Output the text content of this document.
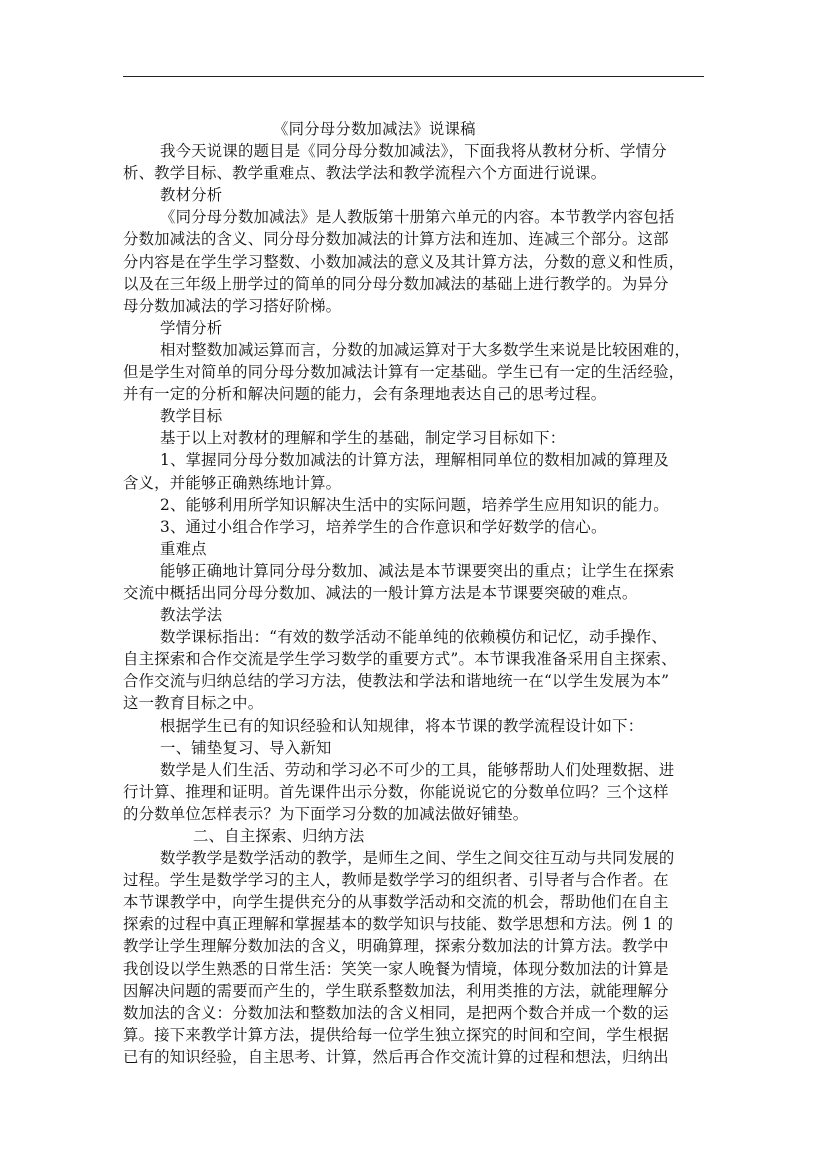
《同分母分数加减法》说课稿
我今天说课的题目是《同分母分数加减法》，下面我将从教材分析、学情分
析、教学目标、教学重难点、教法学法和教学流程六个方面进行说课。
教材分析
《同分母分数加减法》是人教版第十册第六单元的内容。本节教学内容包括
分数加减法的含义、同分母分数加减法的计算方法和连加、连减三个部分。这部
分内容是在学生学习整数、小数加减法的意义及其计算方法，分数的意义和性质，
以及在三年级上册学过的简单的同分母分数加减法的基础上进行教学的。为异分
母分数加减法的学习搭好阶梯。
学情分析
相对整数加减运算而言，分数的加减运算对于大多数学生来说是比较困难的，
但是学生对简单的同分母分数加减法计算有一定基础。学生已有一定的生活经验，
并有一定的分析和解决问题的能力，会有条理地表达自己的思考过程。
教学目标
基于以上对教材的理解和学生的基础，制定学习目标如下：
1、掌握同分母分数加减法的计算方法，理解相同单位的数相加减的算理及
含义，并能够正确熟练地计算。
2、能够利用所学知识解决生活中的实际问题，培养学生应用知识的能力。
3、通过小组合作学习，培养学生的合作意识和学好数学的信心。
重难点
能够正确地计算同分母分数加、减法是本节课要突出的重点；让学生在探索
交流中概括出同分母分数加、减法的一般计算方法是本节课要突破的难点。
教法学法
数学课标指出：“有效的数学活动不能单纯的依赖模仿和记忆，动手操作、
自主探索和合作交流是学生学习数学的重要方式”。本节课我准备采用自主探索、
合作交流与归纳总结的学习方法，使教法和学法和谐地统一在“以学生发展为本”
这一教育目标之中。
根据学生已有的知识经验和认知规律，将本节课的教学流程设计如下：
一、铺垫复习、导入新知
数学是人们生活、劳动和学习必不可少的工具，能够帮助人们处理数据、进
行计算、推理和证明。首先课件出示分数，你能说说它的分数单位吗？三个这样
的分数单位怎样表示？为下面学习分数的加减法做好铺垫。
二、自主探索、归纳方法
数学教学是数学活动的教学，是师生之间、学生之间交往互动与共同发展的
过程。学生是数学学习的主人，教师是数学学习的组织者、引导者与合作者。在
本节课教学中，向学生提供充分的从事数学活动和交流的机会，帮助他们在自主
探索的过程中真正理解和掌握基本的数学知识与技能、数学思想和方法。例 1 的
教学让学生理解分数加法的含义，明确算理，探索分数加法的计算方法。教学中
我创设以学生熟悉的日常生活：笑笑一家人晚餐为情境，体现分数加法的计算是
因解决问题的需要而产生的，学生联系整数加法，利用类推的方法，就能理解分
数加法的含义：分数加法和整数加法的含义相同，是把两个数合并成一个数的运
算。接下来教学计算方法，提供给每一位学生独立探究的时间和空间，学生根据
已有的知识经验，自主思考、计算，然后再合作交流计算的过程和想法，归纳出
